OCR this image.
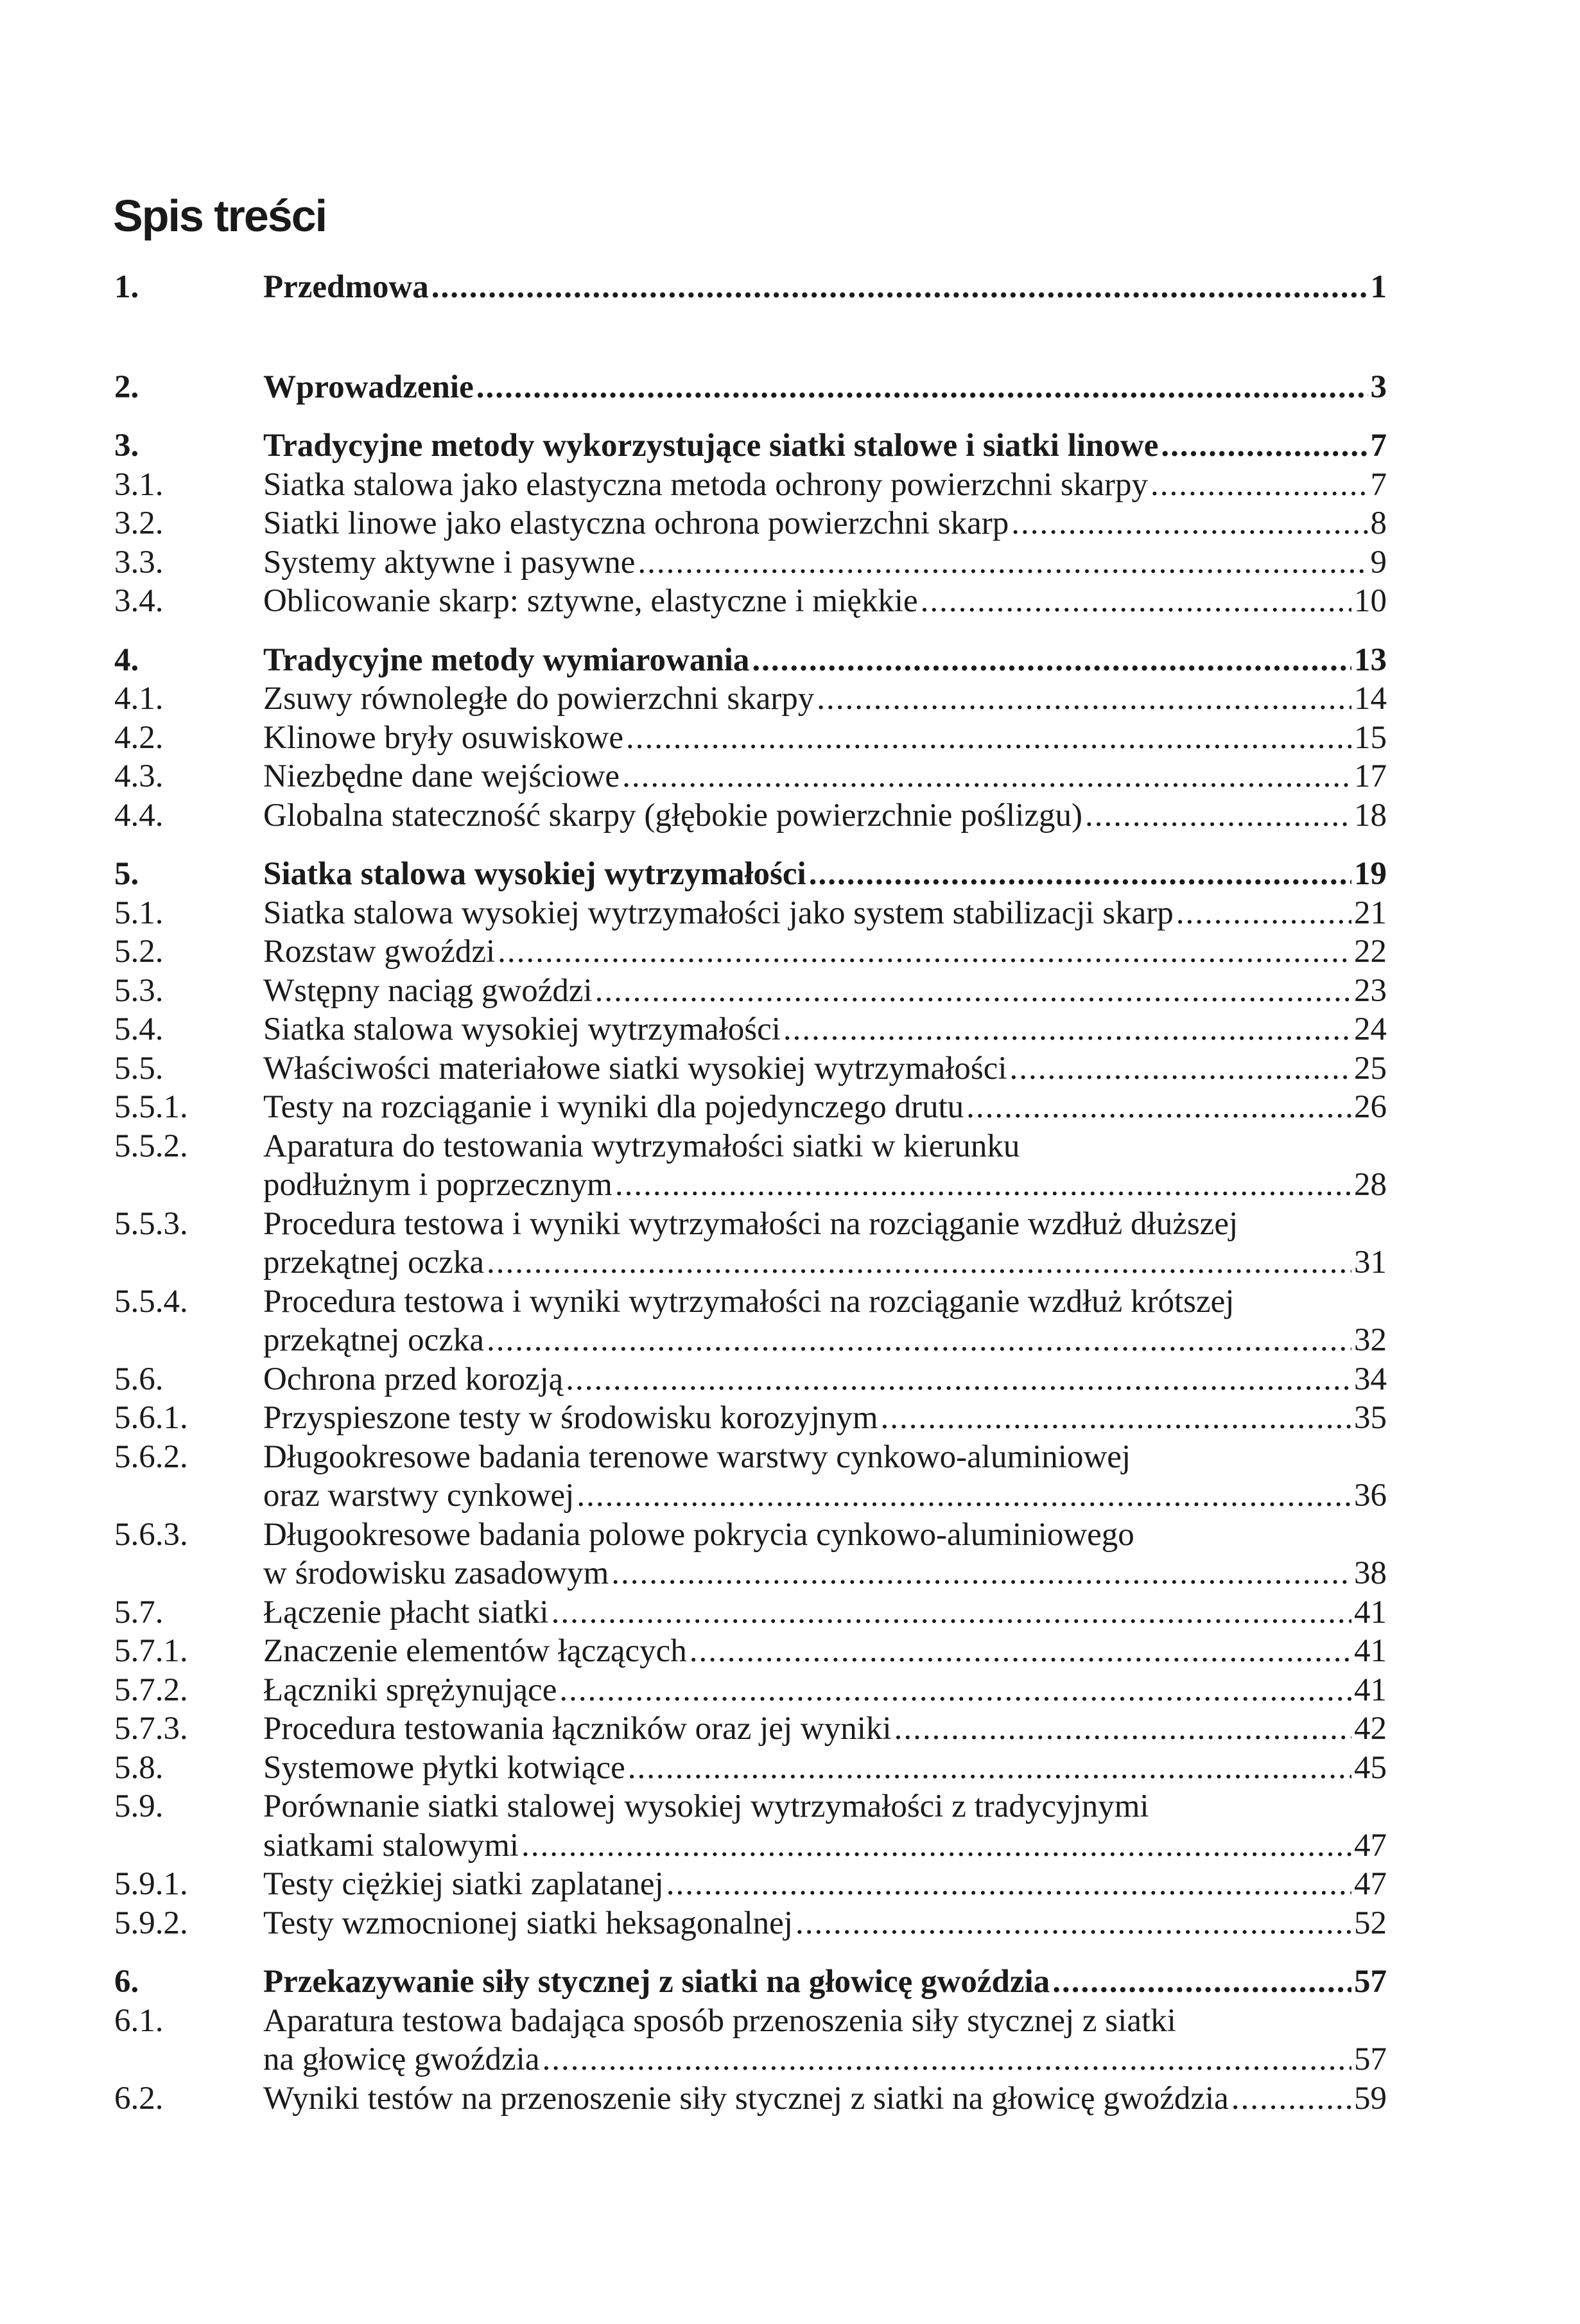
Spis treści
1.	Przedmowa .....	1
2.	Wprowadzenie .....	3
3.	Tradycyjne metody wykorzystujące siatki stalowe i siatki linowe .....	7
3.1.	Siatka stalowa jako elastyczna metoda ochrony powierzchni skarpy .....	7
3.2.	Siatki linowe jako elastyczna ochrona powierzchni skarp .....	8
3.3.	Systemy aktywne i pasywne .....	9
3.4.	Oblicowanie skarp: sztywne, elastyczne i miękkie .....	10
4.	Tradycyjne metody wymiarowania .....	13
4.1.	Zsuwy równoległe do powierzchni skarpy .....	14
4.2.	Klinowe bryły osuwiskowe .....	15
4.3.	Niezbędne dane wejściowe .....	17
4.4.	Globalna stateczność skarpy (głębokie powierzchnie poślizgu) .....	18
5.	Siatka stalowa wysokiej wytrzymałości .....	19
5.1.	Siatka stalowa wysokiej wytrzymałości jako system stabilizacji skarp .....	21
5.2.	Rozstaw gwoździ .....	22
5.3.	Wstępny naciąg gwoździ .....	23
5.4.	Siatka stalowa wysokiej wytrzymałości .....	24
5.5.	Właściwości materiałowe siatki wysokiej wytrzymałości .....	25
5.5.1. Testy na rozciąganie i wyniki dla pojedynczego drutu .....	26
5.5.2. Aparatura do testowania wytrzymałości siatki w kierunku
podłużnym i poprzecznym .....	28
5.5.3. Procedura testowa i wyniki wytrzymałości na rozciąganie wzdłuż dłuższej
przekątnej oczka .....	31
5.5.4. Procedura testowa i wyniki wytrzymałości na rozciąganie wzdłuż krótszej
przekątnej oczka .....	32
5.6.	Ochrona przed korozją .....	34
5.6.1. Przyspieszone testy w środowisku korozyjnym .....	35
5.6.2. Długookresowe badania terenowe warstwy cynkowo-aluminiowej
oraz warstwy cynkowej .....	36
5.6.3. Długookresowe badania polowe pokrycia cynkowo-aluminiowego
w środowisku zasadowym .....	38
5.7.	Łączenie płacht siatki .....	41
5.7.1. Znaczenie elementów łączących .....	41
5.7.2. Łączniki sprężynujące .....	41
5.7.3. Procedura testowania łączników oraz jej wyniki .....	42
5.8.	Systemowe płytki kotwiące .....	45
5.9.	Porównanie siatki stalowej wysokiej wytrzymałości z tradycyjnymi
siatkami stalowymi .....	47
5.9.1. Testy ciężkiej siatki zaplatanej .....	47
5.9.2. Testy wzmocnionej siatki heksagonalnej .....	52
6.	Przekazywanie siły stycznej z siatki na głowicę gwoździa .....	57
6.1.	Aparatura testowa badająca sposób przenoszenia siły stycznej z siatki
na głowicę gwoździa .....	57
6.2.	Wyniki testów na przenoszenie siły stycznej z siatki na głowicę gwoździa .....	59
